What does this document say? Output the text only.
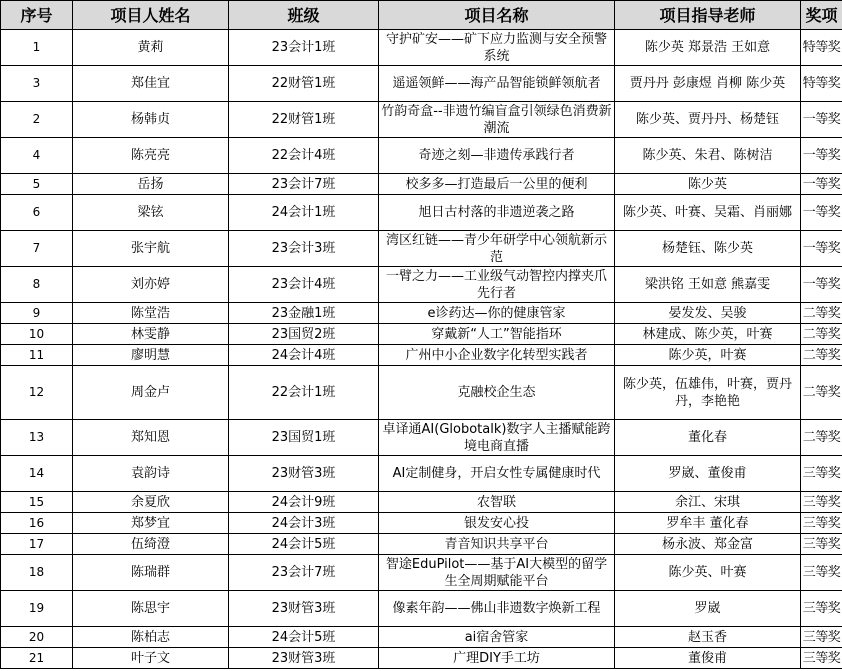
序号	项目人姓名	班级	项目名称	项目指导老师	奖项
1	黄莉	23会计1班	守护矿安——矿下应力监测与安全预警系统	陈少英 郑景浩 王如意	特等奖
3	郑佳宜	22财管1班	遥遥领鲜——海产品智能锁鲜领航者	贾丹丹 彭康煜 肖柳 陈少英	特等奖
2	杨韩贞	22财管1班	竹韵奇盒--非遗竹编盲盒引领绿色消费新潮流	陈少英、贾丹丹、杨楚钰	一等奖
4	陈亮亮	22会计4班	奇迹之刻—非遗传承践行者	陈少英、朱君、陈树洁	一等奖
5	岳扬	23会计7班	校多多—打造最后一公里的便利	陈少英	一等奖
6	梁铉	24会计1班	旭日古村落的非遗逆袭之路	陈少英、叶赛、吴霜、肖丽娜	一等奖
7	张宇航	23会计3班	湾区红链——青少年研学中心领航新示范	杨楚钰、陈少英	一等奖
8	刘亦婷	23会计4班	一臂之力——工业级气动智控内撑夹爪先行者	梁洪铭 王如意 熊嘉雯	一等奖
9	陈堂浩	23金融1班	e诊药达—你的健康管家	晏发发、吴骏	二等奖
10	林雯静	23国贸2班	穿戴新“人工”智能指环	林建成、陈少英，叶赛	二等奖
11	廖明慧	24会计4班	广州中小企业数字化转型实践者	陈少英，叶赛	二等奖
12	周金卢	22会计1班	克融校企生态	陈少英，伍雄伟，叶赛，贾丹丹，李艳艳	二等奖
13	郑知恩	23国贸1班	卓译通AI(Globotalk)数字人主播赋能跨境电商直播	董化春	二等奖
14	袁韵诗	23财管3班	AI定制健身，开启女性专属健康时代	罗崴、董俊甫	三等奖
15	余夏欣	24会计9班	农智联	余江、宋琪	三等奖
16	郑梦宜	24会计3班	银发安心投	罗牟丰 董化春	三等奖
17	伍绮澄	24会计5班	青音知识共享平台	杨永波、郑金富	三等奖
18	陈瑞群	23会计7班	智途EduPilot——基于AI大模型的留学生全周期赋能平台	陈少英、叶赛	三等奖
19	陈思宇	23财管3班	像素年韵——佛山非遗数字焕新工程	罗崴	三等奖
20	陈柏志	24会计5班	ai宿舍管家	赵玉香	三等奖
21	叶子文	23财管3班	广理DIY手工坊	董俊甫	三等奖
